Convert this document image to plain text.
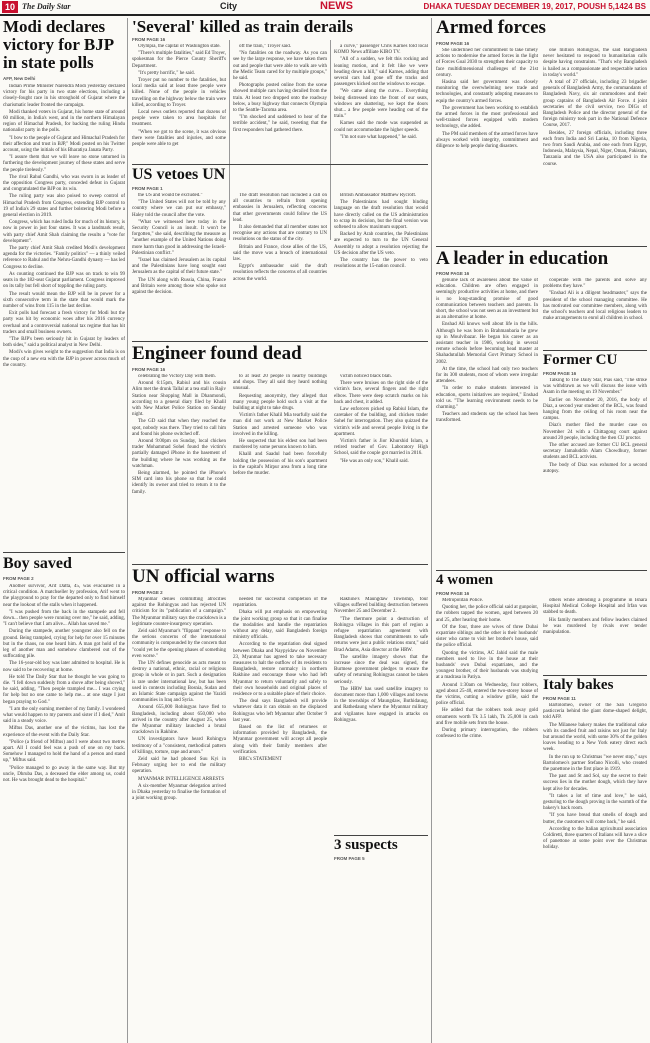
10 The Daily Star	City	NEWS	DHAKA TUESDAY DECEMBER 19, 2017, POUSH 5,1424 BS
Modi declares victory for BJP in state polls
AFP, New Delhi

Indian Prime Minister Narendra Modi yesterday declared victory for his party in two state elections, including a closely-fought race in his stronghold of Gujarat where the charismatic leader fronted the campaign.

Modi thanked voters in Gujarat, his home state of around 60 million, in India's west, and in the northern Himalayan region of Himachal Pradesh, for backing the ruling Hindu nationalist party in the polls.

"I bow to the people of Gujarat and Himachal Pradesh for their affection and trust in BJP," Modi posted on his Twitter account, using the initials of his Bharatiya Janata Party.

"I assure them that we will leave no stone unturned in furthering the development journey of these states and serve the people tirelessly."

The rival Rahul Gandhi, who was sworn in as leader of the opposition Congress party, conceded defeat in Gujarat and congratulated the BJP on its win.

The ruling party was also poised to sweep control of Himachal Pradesh from Congress, extending BJP control to 19 of India's 29 states and further bolstering Modi before a general election in 2019.

Congress, which has ruled India for much of its history, is now in power in just four states. It was a landmark result, with party chief Amit Shah claiming the results a "vote for development".

The party chief Amit Shah credited Modi's development agenda for the victories. "Family politics" — a thinly veiled reference to Rahul and the Nehru-Gandhi dynasty — has led Congress to decline.

As counting continued the BJP was on track to win 99 seats in the 182-seat Gujarat parliament. Congress improved on its tally but fell short of toppling the ruling party.

The result would mean the BJP will be in power for a sixth consecutive term in the state that would mark the number of wins from 115 in the last decline.

Exit polls had forecast a fresh victory for Modi but the party was hit by economic woes after his 2016 currency overhaul and a controversial national tax regime that has hit traders and small business owners.

"The BJP's been seriously hit in Gujarat by leaders of both sides," said a political analyst in New Delhi.

Modi's win gives weight to the suggestion that India is on the cusp of a new era with the BJP in power across much of the country.

Boy saved
FROM PAGE 2

Another survivor, Arif Datta, 45, was evacuated in a critical condition. A matchseller by profession, Arif went to the playground to pray for the departed only to find himself near the lookout of the stalls when it happened.

"I was pushed from the back in the stampede and fell down... then people were running over me," he said, adding, "I can't believe that I am alive... Allah has saved me."

During the stampede, another youngster also fell on the ground. Being trampled, crying for help for over 15 minutes but in the chaos, no one heard him. A man got hold of the leg of another man and somehow clambered out of the suffocating pile.

The 16-year-old boy was later admitted to hospital. He is now said to be recovering at home.

He told The Daily Star that he thought he was going to die. "I fell down suddenly from a shove after being shoved," he said, adding, "Then people trampled me... I was crying for help but no one came to help me... at one stage I just began praying to God."

"I am the only earning member of my family. I wondered what would happen to my parents and sister if I died," Amit said in a steady voice.

Miftus Das, another one of the victims, has lost the experience of the event with the Daily Star.

"Police (a friend of Miftus) and I were about two metres apart. All I could feel was a push of one on my back. Somehow I managed to hold the hand of a person and stand up," Miftus said.

"Police managed to go away in the same way. But my uncle, Dhruba Das, a deceased the elder among us, could not. He was brought dead to the hospital."

'Several' killed as train derails
FROM PAGE 16

Olympia, the capital of Washington state.

"There's multiple fatalities," said Ed Troyer, spokesman for the Pierce County Sheriff's Department.

"It's pretty horrific," he said.

Troyer put no number to the fatalities, but local media said at least three people were killed. None of the people in vehicles travelling on the highway below the train were killed, according to Troyer.

Local news outlets reported that dozens of people were taken to area hospitals for treatment.

"When we got to the scene, it was obvious there were fatalities and injuries, and some people were able to get

off the train," Troyer said.

"No fatalities on the roadway. As you can see by the large response, we have taken them out and people that were able to walk are with the Medic Team cared for by multiple groups," he said.

Photographs posted online from the scene showed multiple cars having derailed from the train. At least two dropped onto the roadway below, a busy highway that connects Olympia to the Seattle-Tacoma area.

"I'm shocked and saddened to hear of the terrible accident," he said, tweeting that the first responders had gathered there.

a curve," passenger Chris Karnes told local KOMO News affiliate KIRO TV.

"All of a sudden, we felt this rocking and leaning motion, and it felt like we were heading down a hill," said Karnes, adding that several cars had gone off the tracks and passengers kicked out the windows to escape.

"We came along the curve... Everything being distressed into the front of our seats, windows are shattering, we kept the doors shut... a few people were heading out of the train."

Karnes said the mode was suspended as could not accommodate the higher speeds.

"I'm not sure what happened," he said.

US vetoes UN
FROM PAGE 1

the US and would be excluded."

"The United States will not be told by any country where we can put our embassy," Haley told the council after the vote.

"What we witnessed here today in the Security Council is an insult. It won't be forgotten," she said, describing the measure as "another example of the United Nations doing more harm than good in addressing the Israeli-Palestinian conflict."

"Israel has claimed Jerusalem as its capital and the Palestinians have long sought east Jerusalem as the capital of their future state."

The UN along with Russia, China, France and Britain were among those who spoke out against the decision.

The draft resolution had included a call on all countries to refrain from opening embassies in Jerusalem, reflecting concerns that other governments could follow the US lead.

It also demanded that all member states not recognise any actions that are contrary to UN resolutions on the status of the city.

Britain and France, close allies of the US, said the move was a breach of international law.

Egypt's ambassador said the draft resolution reflects the concerns of all countries across the world.

British Ambassador Matthew Rycroft.

The Palestinians had sought binding language on the draft resolution that would have directly called on the US administration to scrap its decision, but the final version was softened to allow maximum support.

Backed by Arab countries, the Palestinians are expected to turn to the UN General Assembly to adopt a resolution rejecting the US decision after the US veto.

The country has the power to veto resolutions at the 15-nation council.

Engineer found dead
FROM PAGE 16

celebrating the Victory Day with them.

Around 6:15pm, Rabiul and his cousin Alim met the drunk Tallal at a tea stall in Rajiv Station near Shopping Mall in Dhanmondi, according to a general diary filed by Khalil with New Market Police Station on Sunday night.

The GD said that when they reached the spot, nobody was there. They tried to call him and found his phone switched off.

Around 9:00pm on Sunday, local chicken trader Mohammad Sohel found the victim's partially damaged iPhone in the basement of the building where he was working as the watchman.

Being alarmed, he pointed the iPhone's SIM card into his phone so that he could identify its owner and tried to return it to the family.

to at least 20 people in nearby buildings and shops. They all said they heard nothing unusual.

Requesting anonymity, they alleged that many young people hold such a visit at the building at night to take drugs.

Victim's father Khalil Mia tearfully said the man did not work at New Market Police Station and arrested someone who was involved in the killing.

He suspected that his eldest son had been murdered by some persons known to him.

Khalil and Saadul had been forcefully holding the possession of his son's apartment in the capital's Mirpur area from a long time before the murder.

victim noticed black blah.

There were bruises on the right side of the victim's face, several fingers and the right elbow. There were deep scratch marks on his back and chest, it added.

Law enforcers picked up Rabiul Islam, the caretaker of the building, and chicken trader Sohel for interrogation. They also quizzed the victim's wife and several people living in the apartment.

Victim's father is Jior Khurshid Islam, a retired teacher of Gov. Laboratory High School, said the couple got married in 2016.

"He was an only son," Khalil said.

UN official warns
FROM PAGE 2

Myanmar denies committing atrocities against the Rohingyas and has rejected UN criticism for its "publication of a campaign." The Myanmar military says the crackdown is a legitimate counter-insurgency operation.

Zeid said Myanmar's "flippant" response to the serious concerns of the international community is compounded by the concern that "could yet be the opening phases of something even worse."

The UN defines genocide as acts meant to destroy a national, ethnic, racial or religious group in whole or in part. Such a designation is rare under international law, but has been used in contexts including Bosnia, Sudan and an Islamic State campaign against the Yazidi communities in Iraq and Syria.

Around 655,000 Rohingyas have fled to Bangladesh, including about 650,000 who arrived in the country after August 25, when the Myanmar military launched a brutal crackdown in Rakhine.

UN investigators have heard Rohingya testimony of a "consistent, methodical pattern of killings, torture, rape and arson."

Zeid said he had phoned Suu Kyi in February urging her to end the military operation.

MYANMAR INTELLIGENCE ARRESTS

A six-member Myanmar delegation arrived in Dhaka yesterday to finalise the formation of a joint working group.

needed for successful completion of the repatriation.

Dhaka will put emphasis on empowering the joint working group so that it can finalise the modalities and handle the repatriation without any delay, said Bangladesh foreign ministry officials.

According to the repatriation deal signed between Dhaka and Naypyidaw on November 23, Myanmar has agreed to take necessary measures to halt the outflow of its residents to Bangladesh, restore normalcy in northern Rakhine and encourage those who had left Myanmar to return voluntarily and safely to their own households and original places of residence or to a suitable place of their choice.

The deal says Bangladesh will provide whatever data it can obtain on the displaced Rohingyas who left Myanmar after October 9 last year.

Based on the list of returnees or information provided by Bangladesh, the Myanmar government will accept all people along with their family members after verification.

BBC's STATEMENT

Rakhine's Maungdaw Township, four villages suffered building destruction between November 25 and December 2.

"The thermore point a destruction of Rohingya villages in this part of region a refugee repatriation agreement with Bangladesh shows that commitments to safe returns were just a public relations stunt," said Brad Adams, Asia director at the HRW.

The satellite imagery shows that the increase since the deal was signed, the Burmese government pledges to ensure the safety of returning Rohingyas cannot be taken seriously.

The HRW has used satellite imagery to document more than 1,000 villages and towns in the townships of Maungdaw, Buthidaung, and Rathedaung where the Myanmar military and vigilantes have engaged in attacks on Rohingyas.

3 suspects
FROM PAGE 5
Armed forces
FROM PAGE 16

She underlined her commitment to take timely actions to modernise the armed forces in the light of Forces Goal 2030 to strengthen their capacity to face multidimensional challenges of the 21st century.

Hasina said her government was closely monitoring the overwhelming new trade and technologies, and constantly adopting measures to equip the country's armed forces.

The government has been working to establish the armed forces in the most professional and well-trained forces equipped with modern technology, she added.

The PM said members of the armed forces have always worked with integrity, commitment and diligence to help people during disasters.

one million Rohingyas, the said Bangladesh never hesitated to respond to humanitarian calls despite having constraints. "That's why Bangladesh is hailed as a compassionate and respectable nation in today's world."

A total of 27 officials, including 23 brigadier generals of Bangladesh Army, the commandants of Bangladesh Navy, six air commodores and their group captains of Bangladesh Air Force. 4 joint secretaries of the civil service, two DIGs of Bangladesh Police and the director general of the foreign ministry took part in the National Defence Course, 2017.

Besides, 27 foreign officials, including three each from India and Sri Lanka, 10 from Nigeria, two from Saudi Arabia, and one each from Egypt, Indonesia, Malaysia, Nepal, Niger, Oman, Pakistan, Tanzania and the USA also participated in the course.

A leader in education
FROM PAGE 16

genuine lack of awareness about the value of education. Children are often engaged in seemingly productive activities at home, and there is no long-standing promise of good communication between teachers and parents. In short, the school was not seen as an investment but as an alternative at home.

Enshad Ali knows well about life in the hills. Although he was born in Brahmanbaria he grew up in Moulvibazar. He began his career as an assistant teacher in 1986, working in several remote schools before becoming head master at Shahadutullah Memorial Govt Primary School in 2002.

At the time, the school had only two teachers for its 300 students, most of whom were irregular attendees.

"In order to make students interested in education, sports initiatives are required," Enshad told us. "The learning environment needs to be charming."

Teachers and students say the school has been transformed.

cooperate with the parents and solve any problems they have."

"Enshad Ali is a diligent headmaster," says the president of the school managing committee. He has motivated our committee members, along with the school's teachers and local religious leaders to make arrangements to enrol all children in school.

Former CU
FROM PAGE 16

Talking to The Daily Star, Pias said, "The strike was withdrawn as we will discuss the issue with Asam in the meeting on 19 November."

Earlier on November 20, 2016, the body of Diaz, a second year student of the BCL, was found hanging from the ceiling of his room near the campus.

Diaz's mother filed the murder case on November 24 with a Chittagong court against around 20 people, including the then CU proctor.

The other accused are former CU BCL general secretary Jamaluddin Alam Chowdhury, former students and BCL activists.

The body of Diaz was exhumed for a second autopsy.

4 women
FROM PAGE 16

Metropolitan Police.

Quoting her, the police official said at gunpoint, the robbers tapped the women, aged between 20 and 25, after hearing their home.

Of the four, three are wives of three Dubai expatriate siblings and the other is their husbands' sister who came to visit her brother's house, said the police official.

Quoting the victims, AC Jahid said the male members used to live in the house at their husbands' own Dubai expatriates, and the youngest brother, of their husbands was studying at a madrasa in Patiya.

Around 1:30am on Wednesday, four robbers, aged about 25-40, entered the two-storey house of the victims, cutting a window grille, said the police official.

He added that the robbers took away gold ornaments worth Tk 3.5 lakh, Tk 25,000 in cash and five mobile sets from the house.

During primary interrogation, the robbers confessed to the crime.

others while attending a programme in Ishara Hospital Medical College Hospital and Irfan was stabbed to death.

His family members and fellow leaders claimed he was murdered by rivals over tender manipulation.

Italy bakes
FROM PAGE 11

Bartolomeo, owner of the San Gregorio pasticceria behind the giant dome-shaped delight, told AFP.

The Milanese bakery makes the traditional cake with its candied fruit and raisins not just for Italy but around the world, with some 30% of the golden loaves heading to a New York eatery direct each week.

In the run up to Christmas "we never stop," says Bartolomeo's partner Stefano Nicolli, who created the panettone in the first place in 1919.

The past and St and Sol, say the secret to their success lies in the mother dough, which they have kept alive for decades.

"It takes a lot of time and love," he said, gesturing to the dough proving in the warmth of the bakery's back room.

"If you have bread that smells of dough and butter, the customers will come back," he said.

According to the Italian agricultural association Coldiretti, three quarters of Italians will have a slice of panettone at some point over the Christmas holiday.
